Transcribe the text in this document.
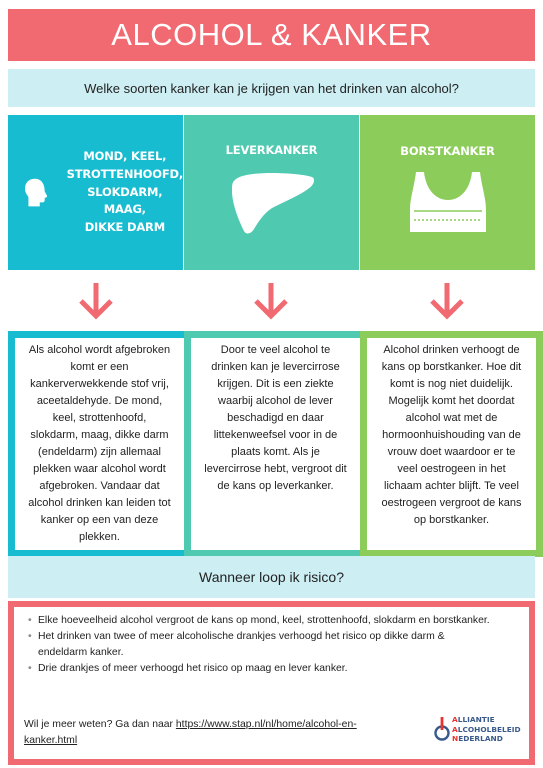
ALCOHOL & KANKER
Welke soorten kanker kan je krijgen van het drinken van alcohol?
MOND, KEEL,
STROTTENHOOFD,
SLOKDARM, MAAG,
DIKKE DARM
LEVERKANKER	BORSTKANKER

Als alcohol wordt afgebroken

komt er een

kankerverwekkende stof vrij,

aceetaldehyde. De mond,

keel, strottenhoofd,

slokdarm, maag, dikke darm

(endeldarm) zijn allemaal

plekken waar alcohol wordt

afgebroken. Vandaar dat

alcohol drinken kan leiden tot

kanker op een van deze

plekken.

Door te veel alcohol te

drinken kan je levercirrose

krijgen. Dit is een ziekte

waarbij alcohol de lever

beschadigd en daar

littekenweefsel voor in de

plaats komt. Als je

levercirrose hebt, vergroot dit

de kans op leverkanker.

Alcohol drinken verhoogt de

kans op borstkanker. Hoe dit

komt is nog niet duidelijk.

Mogelijk komt het doordat

alcohol wat met de

hormoonhuishouding van de

vrouw doet waardoor er te

veel oestrogeen in het

lichaam achter blijft. Te veel

oestrogeen vergroot de kans

op borstkanker.

Wanneer loop ik risico?
• Elke hoeveelheid alcohol vergroot de kans op mond, keel, strottenhoofd, slokdarm en borstkanker.
• Het drinken van twee of meer alcoholische drankjes verhoogd het risico op dikke darm &
endeldarm kanker.
• Drie drankjes of meer verhoogd het risico op maag en lever kanker.
Wil je meer weten? Ga dan naar https://www.stap.nl/nl/home/alcohol-en-
kanker.html
ALLIANTIE
ALCOHOLBELEID
NEDERLAND
